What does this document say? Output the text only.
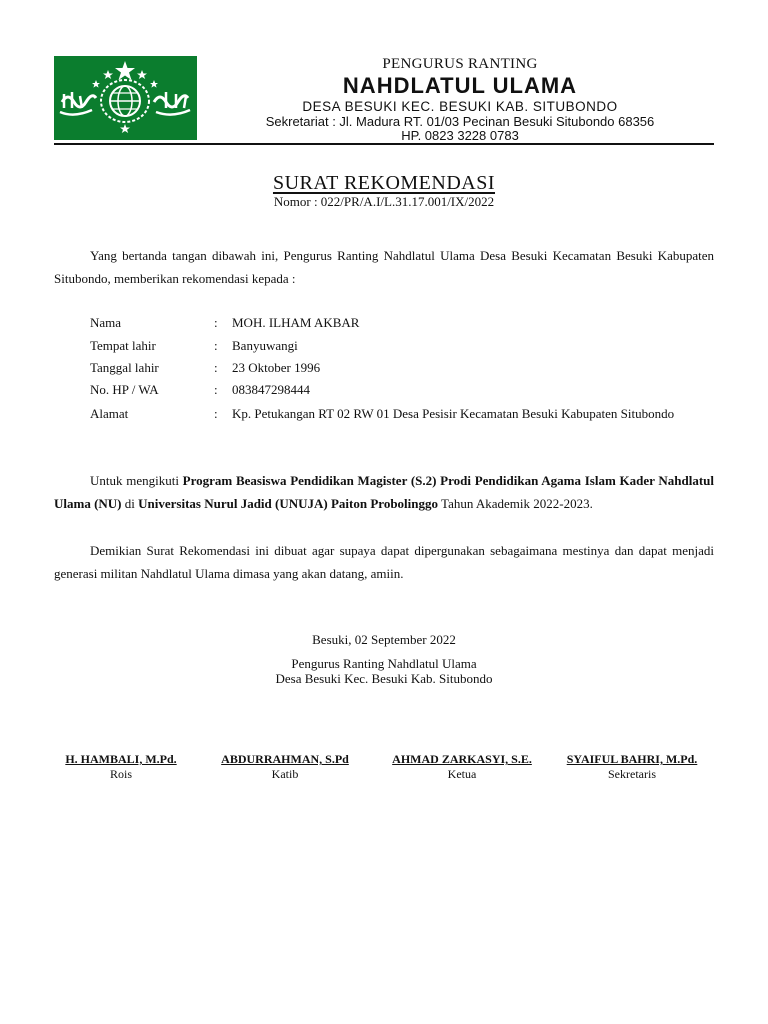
PENGURUS RANTING
NAHDLATUL ULAMA
DESA BESUKI KEC. BESUKI KAB. SITUBONDO
Sekretariat : Jl. Madura RT. 01/03 Pecinan Besuki Situbondo 68356
HP. 0823 3228 0783
SURAT REKOMENDASI
Nomor : 022/PR/A.I/L.31.17.001/IX/2022
Yang bertanda tangan dibawah ini, Pengurus Ranting Nahdlatul Ulama Desa Besuki Kecamatan Besuki Kabupaten Situbondo, memberikan rekomendasi kepada :
Nama	:	MOH. ILHAM AKBAR
Tempat lahir	:	Banyuwangi
Tanggal lahir	:	23 Oktober 1996
No. HP / WA	:	083847298444
Alamat	:	Kp. Petukangan RT 02 RW 01 Desa Pesisir Kecamatan Besuki Kabupaten Situbondo
Untuk mengikuti Program Beasiswa Pendidikan Magister (S.2) Prodi Pendidikan Agama Islam Kader Nahdlatul Ulama (NU) di Universitas Nurul Jadid (UNUJA) Paiton Probolinggo Tahun Akademik 2022-2023.
Demikian Surat Rekomendasi ini dibuat agar supaya dapat dipergunakan sebagaimana mestinya dan dapat menjadi generasi militan Nahdlatul Ulama dimasa yang akan datang, amiin.
Besuki, 02 September 2022
Pengurus Ranting Nahdlatul Ulama
Desa Besuki Kec. Besuki Kab. Situbondo
H. HAMBALI, M.Pd.
Rois
ABDURRAHMAN, S.Pd
Katib
AHMAD ZARKASYI, S.E.
Ketua
SYAIFUL BAHRI, M.Pd.
Sekretaris
